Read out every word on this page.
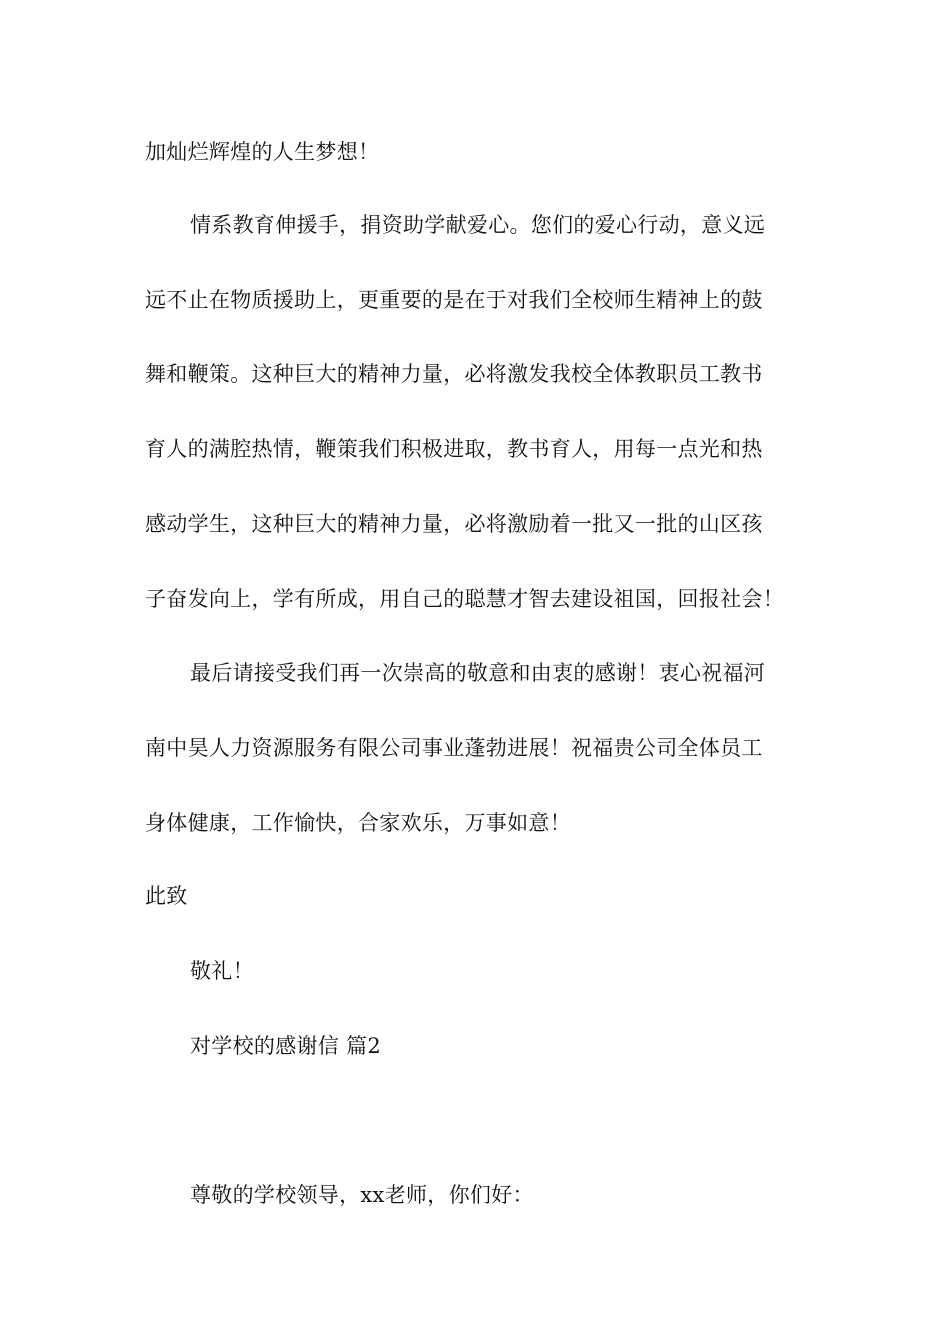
加灿烂辉煌的人生梦想！
情系教育伸援手，捐资助学献爱心。您们的爱心行动，意义远
远不止在物质援助上，更重要的是在于对我们全校师生精神上的鼓
舞和鞭策。这种巨大的精神力量，必将激发我校全体教职员工教书
育人的满腔热情，鞭策我们积极进取，教书育人，用每一点光和热
感动学生，这种巨大的精神力量，必将激励着一批又一批的山区孩
子奋发向上，学有所成，用自己的聪慧才智去建设祖国，回报社会！
最后请接受我们再一次崇高的敬意和由衷的感谢！衷心祝福河
南中昊人力资源服务有限公司事业蓬勃进展！祝福贵公司全体员工
身体健康，工作愉快，合家欢乐，万事如意！
此致
敬礼！
对学校的感谢信 篇2
尊敬的学校领导，xx老师，你们好：
